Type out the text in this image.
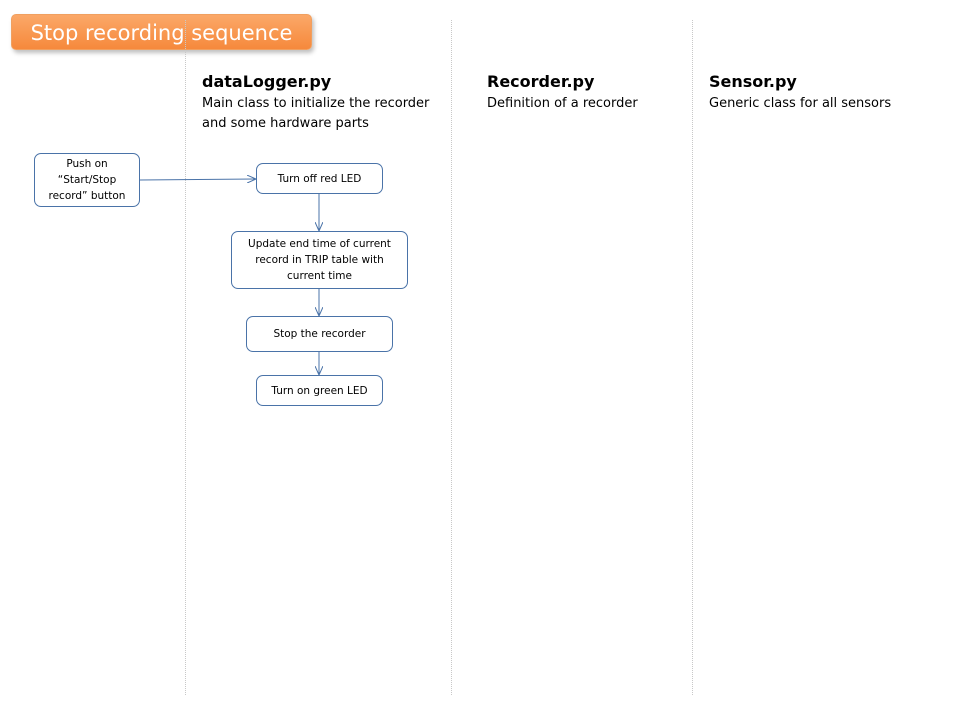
Stop recording sequence
dataLogger.py
Main class to initialize the recorder and some hardware parts
Recorder.py
Definition of a recorder
Sensor.py
Generic class for all sensors
Push on “Start/Stop record” button
Turn off red LED
Update end time of current record in TRIP table with current time
Stop the recorder
Turn on green LED
